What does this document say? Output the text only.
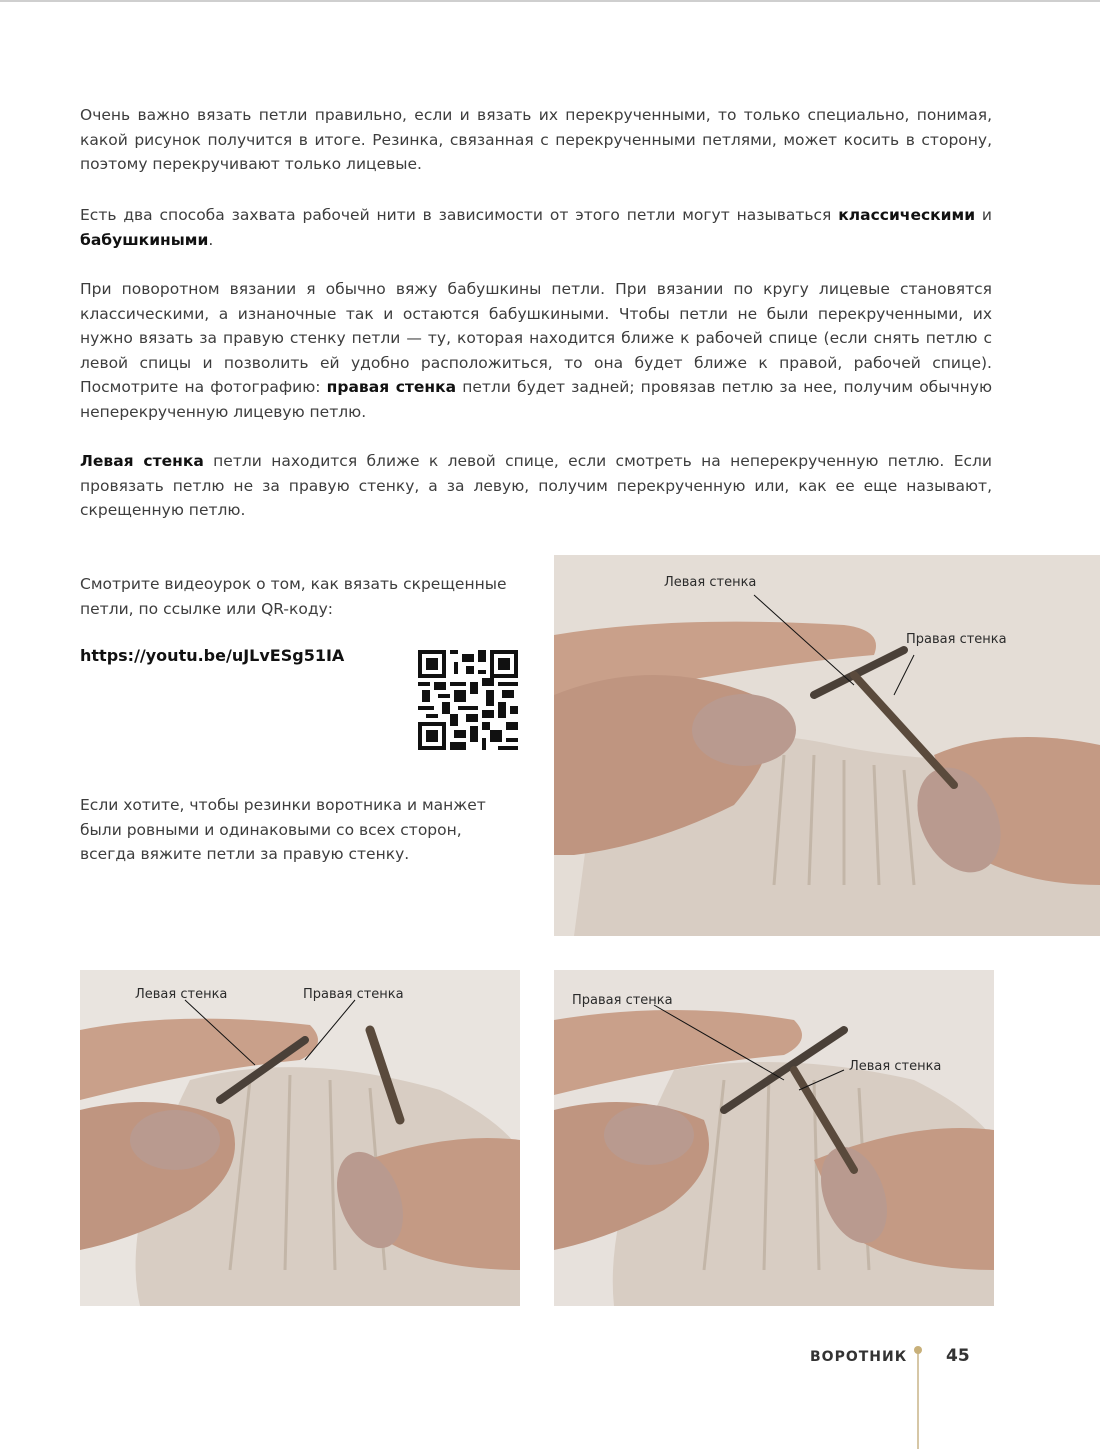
Очень важно вязать петли правильно, если и вязать их перекрученными, то только специально, понимая, какой рисунок получится в итоге. Резинка, связанная с перекрученными петлями, может косить в сторону, поэтому перекручивают только лицевые.

Есть два способа захвата рабочей нити в зависимости от этого петли могут называться классическими и бабушкиными.

При поворотном вязании я обычно вяжу бабушкины петли. При вязании по кругу лицевые становятся классическими, а изнаночные так и остаются бабушкиными. Чтобы петли не были перекрученными, их нужно вязать за правую стенку петли — ту, которая находится ближе к рабочей спице (если снять петлю с левой спицы и позволить ей удобно расположиться, то она будет ближе к правой, рабочей спице). Посмотрите на фотографию: правая стенка петли будет задней; провязав петлю за нее, получим обычную неперекрученную лицевую петлю.

Левая стенка петли находится ближе к левой спице, если смотреть на неперекрученную петлю. Если провязать петлю не за правую стенку, а за левую, получим перекрученную или, как ее еще называют, скрещенную петлю.

Смотрите видеоурок о том, как вязать скрещенные петли, по ссылке или QR-коду:

https://youtu.be/uJLvESg51IA

Если хотите, чтобы резинки воротника и манжет были ровными и одинаковыми со всех сторон, всегда вяжите петли за правую стенку.

Левая стенка
Правая стенка
Левая стенка	Правая стенка	Правая стенка
Левая стенка

ВОРОТНИК 45
